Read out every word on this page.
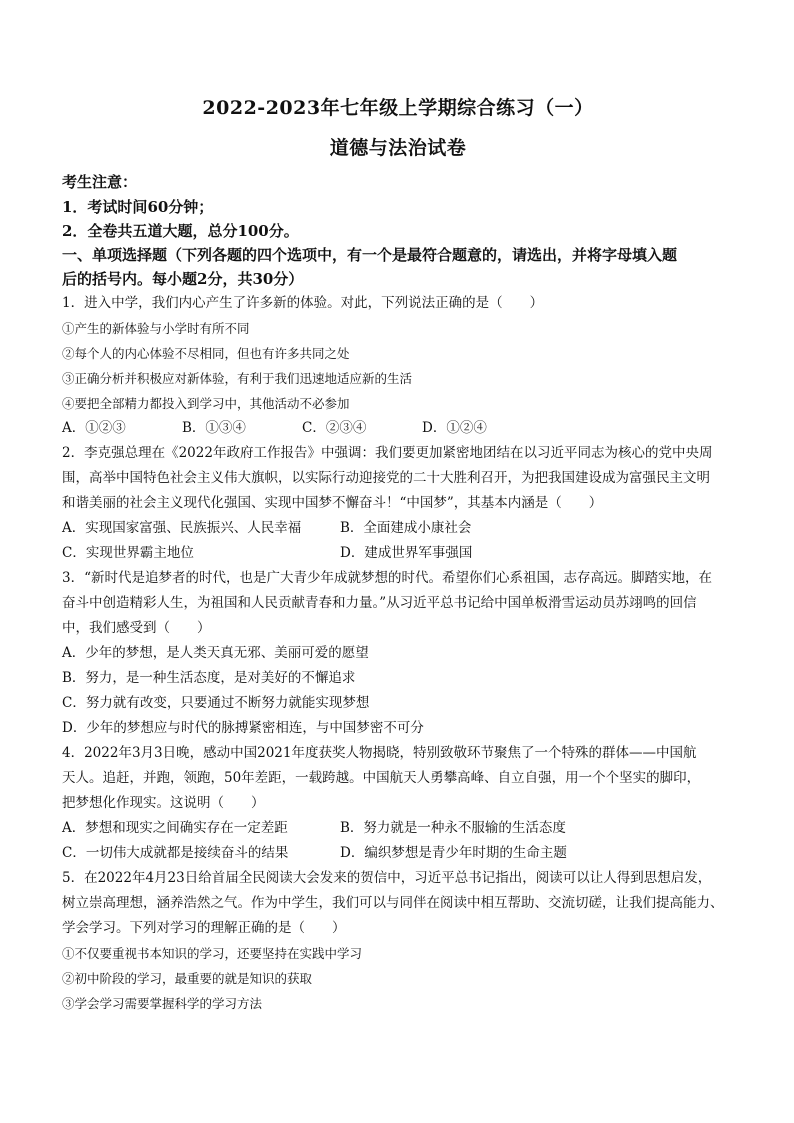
2022-2023年七年级上学期综合练习（一）
道德与法治试卷
考生注意：
1．考试时间60分钟；
2．全卷共五道大题，总分100分。
一、单项选择题（下列各题的四个选项中，有一个是最符合题意的，请选出，并将字母填入题
后的括号内。每小题2分，共30分）
1．进入中学，我们内心产生了许多新的体验。对此，下列说法正确的是（　　）
①产生的新体验与小学时有所不同
②每个人的内心体验不尽相同，但也有许多共同之处
③正确分析并积极应对新体验，有利于我们迅速地适应新的生活
④要把全部精力都投入到学习中，其他活动不必参加
A．①②③	B．①③④	C．②③④	D．①②④
2．李克强总理在《2022年政府工作报告》中强调：我们要更加紧密地团结在以习近平同志为核心的党中央周
围，高举中国特色社会主义伟大旗帜，以实际行动迎接党的二十大胜利召开，为把我国建设成为富强民主文明
和谐美丽的社会主义现代化强国、实现中国梦不懈奋斗！“中国梦”，其基本内涵是（　　）
A．实现国家富强、民族振兴、人民幸福	B．全面建成小康社会
C．实现世界霸主地位	D．建成世界军事强国
3．“新时代是追梦者的时代，也是广大青少年成就梦想的时代。希望你们心系祖国，志存高远。脚踏实地，在
奋斗中创造精彩人生，为祖国和人民贡献青春和力量。”从习近平总书记给中国单板滑雪运动员苏翊鸣的回信
中，我们感受到（　　）
A．少年的梦想，是人类天真无邪、美丽可爱的愿望
B．努力，是一种生活态度，是对美好的不懈追求
C．努力就有改变，只要通过不断努力就能实现梦想
D．少年的梦想应与时代的脉搏紧密相连，与中国梦密不可分
4．2022年3月3日晚，感动中国2021年度获奖人物揭晓，特别致敬环节聚焦了一个特殊的群体——中国航
天人。追赶，并跑，领跑，50年差距，一载跨越。中国航天人勇攀高峰、自立自强，用一个个坚实的脚印，
把梦想化作现实。这说明（　　）
A．梦想和现实之间确实存在一定差距	B．努力就是一种永不服输的生活态度
C．一切伟大成就都是接续奋斗的结果	D．编织梦想是青少年时期的生命主题
5．在2022年4月23日给首届全民阅读大会发来的贺信中，习近平总书记指出，阅读可以让人得到思想启发，
树立崇高理想，涵养浩然之气。作为中学生，我们可以与同伴在阅读中相互帮助、交流切磋，让我们提高能力、
学会学习。下列对学习的理解正确的是（　　）
①不仅要重视书本知识的学习，还要坚持在实践中学习
②初中阶段的学习，最重要的就是知识的获取
③学会学习需要掌握科学的学习方法
